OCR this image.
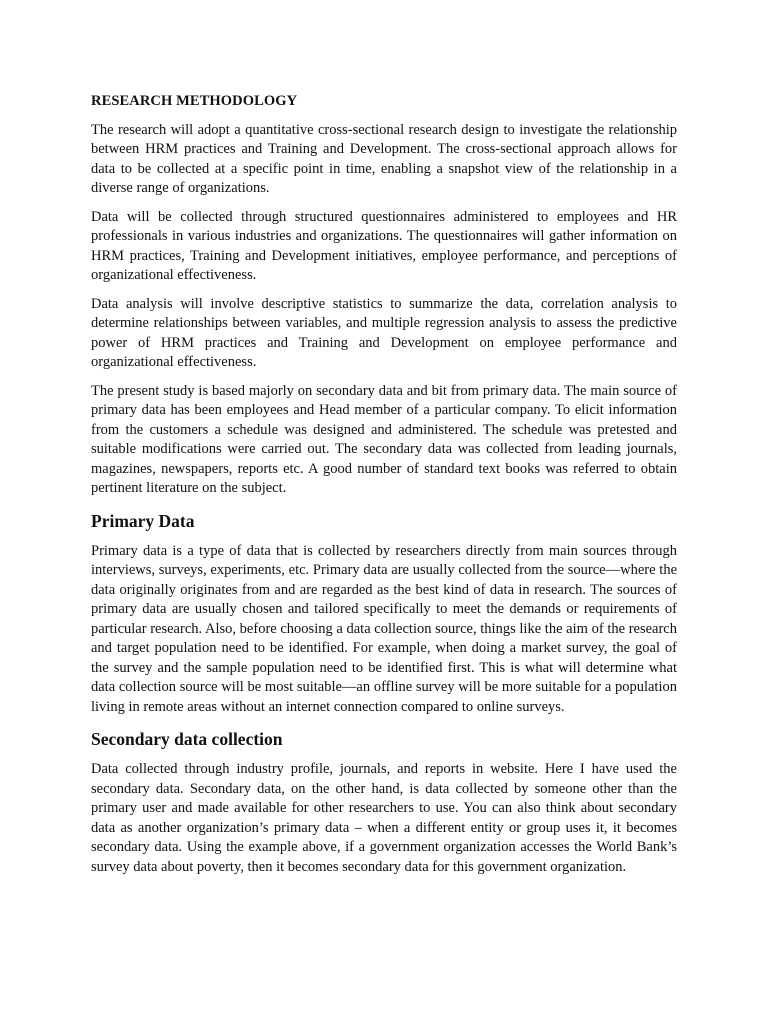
RESEARCH METHODOLOGY

The research will adopt a quantitative cross-sectional research design to investigate the relationship between HRM practices and Training and Development. The cross-sectional approach allows for data to be collected at a specific point in time, enabling a snapshot view of the relationship in a diverse range of organizations.

Data will be collected through structured questionnaires administered to employees and HR professionals in various industries and organizations. The questionnaires will gather information on HRM practices, Training and Development initiatives, employee performance, and perceptions of organizational effectiveness.

Data analysis will involve descriptive statistics to summarize the data, correlation analysis to determine relationships between variables, and multiple regression analysis to assess the predictive power of HRM practices and Training and Development on employee performance and organizational effectiveness.

The present study is based majorly on secondary data and bit from primary data. The main source of primary data has been employees and Head member of a particular company. To elicit information from the customers a schedule was designed and administered. The schedule was pretested and suitable modifications were carried out. The secondary data was collected from leading journals, magazines, newspapers, reports etc. A good number of standard text books was referred to obtain pertinent literature on the subject.

Primary Data

Primary data is a type of data that is collected by researchers directly from main sources through interviews, surveys, experiments, etc. Primary data are usually collected from the source—where the data originally originates from and are regarded as the best kind of data in research. The sources of primary data are usually chosen and tailored specifically to meet the demands or requirements of particular research. Also, before choosing a data collection source, things like the aim of the research and target population need to be identified. For example, when doing a market survey, the goal of the survey and the sample population need to be identified first. This is what will determine what data collection source will be most suitable—an offline survey will be more suitable for a population living in remote areas without an internet connection compared to online surveys.

Secondary data collection

Data collected through industry profile, journals, and reports in website. Here I have used the secondary data. Secondary data, on the other hand, is data collected by someone other than the primary user and made available for other researchers to use. You can also think about secondary data as another organization’s primary data – when a different entity or group uses it, it becomes secondary data. Using the example above, if a government organization accesses the World Bank’s survey data about poverty, then it becomes secondary data for this government organization.
